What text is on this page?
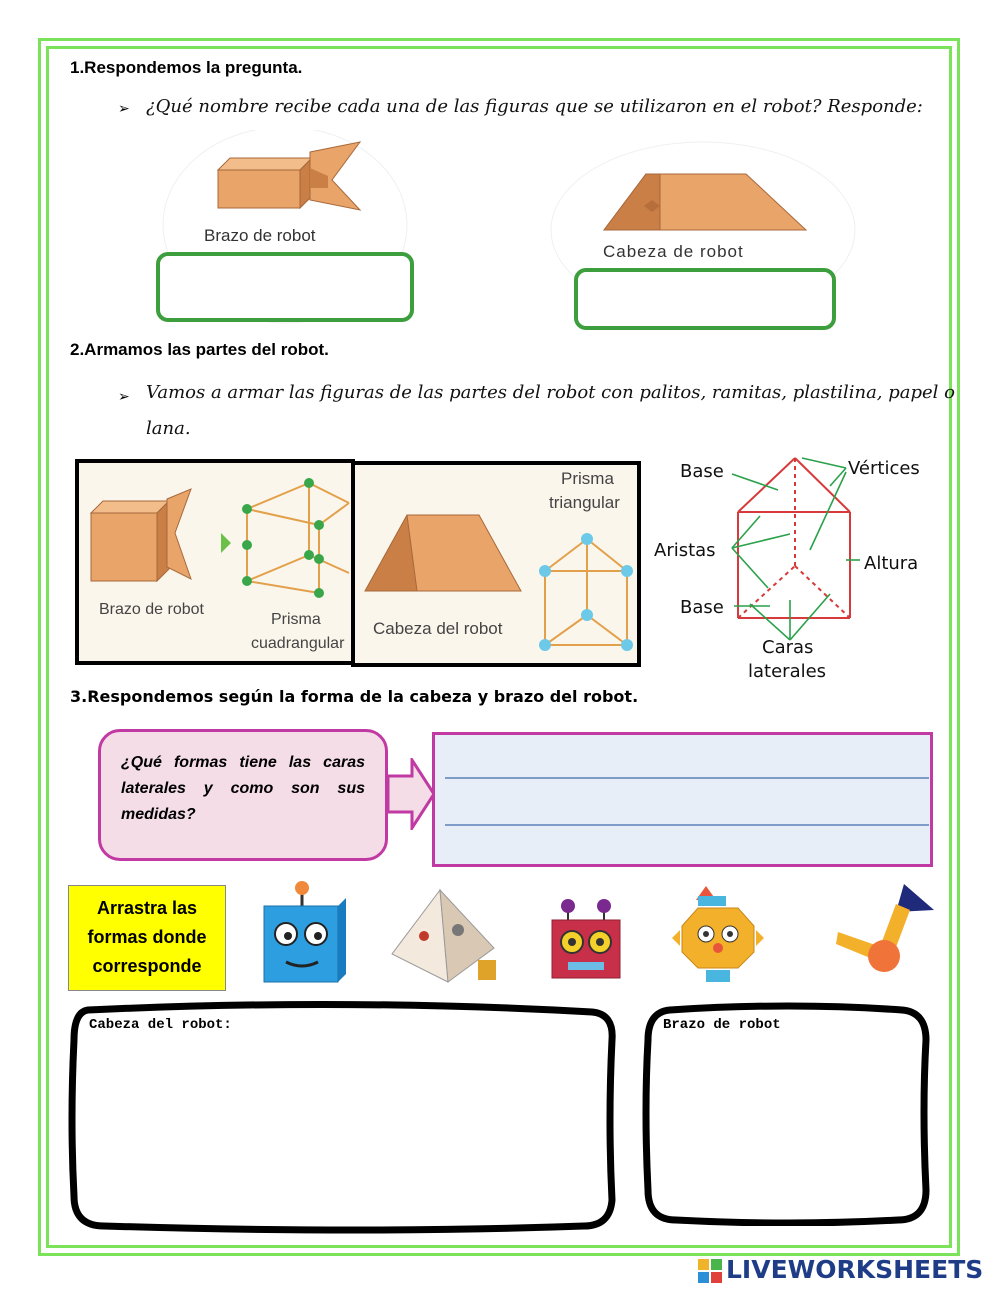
1.Respondemos la pregunta.
➢ ¿Qué nombre recibe cada una de las figuras que se utilizaron en el robot? Responde:
Brazo de robot
Cabeza de robot
2.Armamos las partes del robot.
➢ Vamos a armar las figuras de las partes del robot con palitos, ramitas, plastilina, papel o
lana.
Brazo de robot
Prisma
cuadrangular
Prisma
triangular
Cabeza del robot
Base	Vértices
Aristas
Altura
Base
Caras
laterales
3.Respondemos según la forma de la cabeza y brazo del robot.
¿Qué formas tiene las caras laterales y como son sus medidas?
Arrastra las
formas donde
corresponde
Cabeza del robot:	Brazo de robot
LIVEWORKSHEETS
